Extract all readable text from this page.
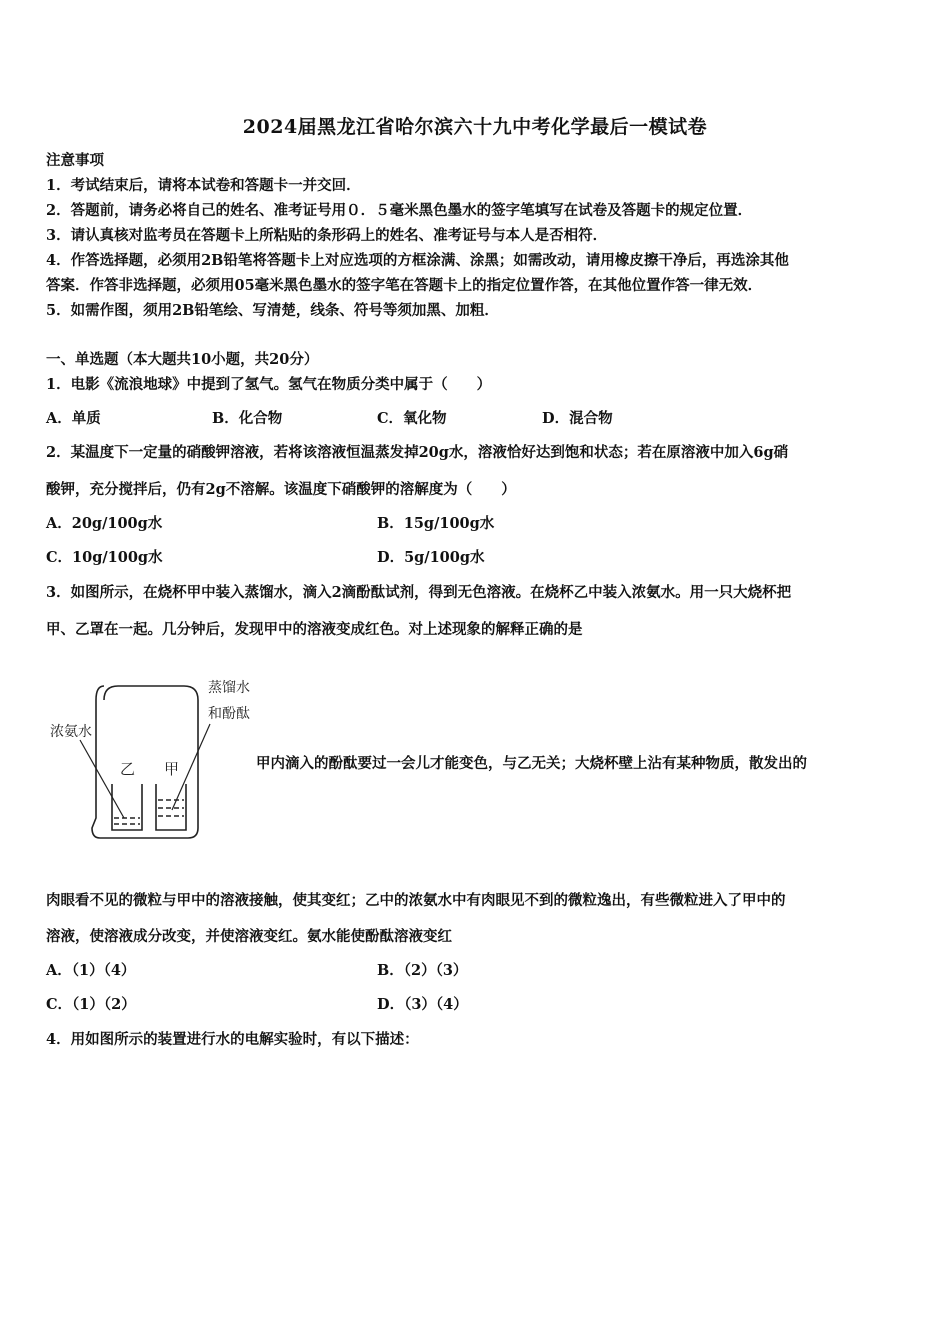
2024届黑龙江省哈尔滨六十九中考化学最后一模试卷
注意事项
1．考试结束后，请将本试卷和答题卡一并交回．
2．答题前，请务必将自己的姓名、准考证号用０．５毫米黑色墨水的签字笔填写在试卷及答题卡的规定位置．
3．请认真核对监考员在答题卡上所粘贴的条形码上的姓名、准考证号与本人是否相符．
4．作答选择题，必须用2B铅笔将答题卡上对应选项的方框涂满、涂黑；如需改动，请用橡皮擦干净后，再选涂其他
答案．作答非选择题，必须用05毫米黑色墨水的签字笔在答题卡上的指定位置作答，在其他位置作答一律无效．
5．如需作图，须用2B铅笔绘、写清楚，线条、符号等须加黑、加粗．
一、单选题（本大题共10小题，共20分）
1．电影《流浪地球》中提到了氢气。氢气在物质分类中属于（　　）
A．单质	B．化合物	C．氧化物	D．混合物
2．某温度下一定量的硝酸钾溶液，若将该溶液恒温蒸发掉20g水，溶液恰好达到饱和状态；若在原溶液中加入6g硝
酸钾，充分搅拌后，仍有2g不溶解。该温度下硝酸钾的溶解度为（　　）
A．20g/100g水	B．15g/100g水
C．10g/100g水	D．5g/100g水
3．如图所示，在烧杯甲中装入蒸馏水，滴入2滴酚酞试剂，得到无色溶液。在烧杯乙中装入浓氨水。用一只大烧杯把
甲、乙罩在一起。几分钟后，发现甲中的溶液变成红色。对上述现象的解释正确的是
浓氨水
蒸馏水
和酚酞
乙 甲	甲内滴入的酚酞要过一会儿才能变色，与乙无关；大烧杯壁上沾有某种物质，散发出的
肉眼看不见的微粒与甲中的溶液接触，使其变红；乙中的浓氨水中有肉眼见不到的微粒逸出，有些微粒进入了甲中的
溶液，使溶液成分改变，并使溶液变红。氨水能使酚酞溶液变红
A．（1）（4）	B．（2）（3）
C．（1）（2）	D．（3）（4）
4．用如图所示的装置进行水的电解实验时，有以下描述：
